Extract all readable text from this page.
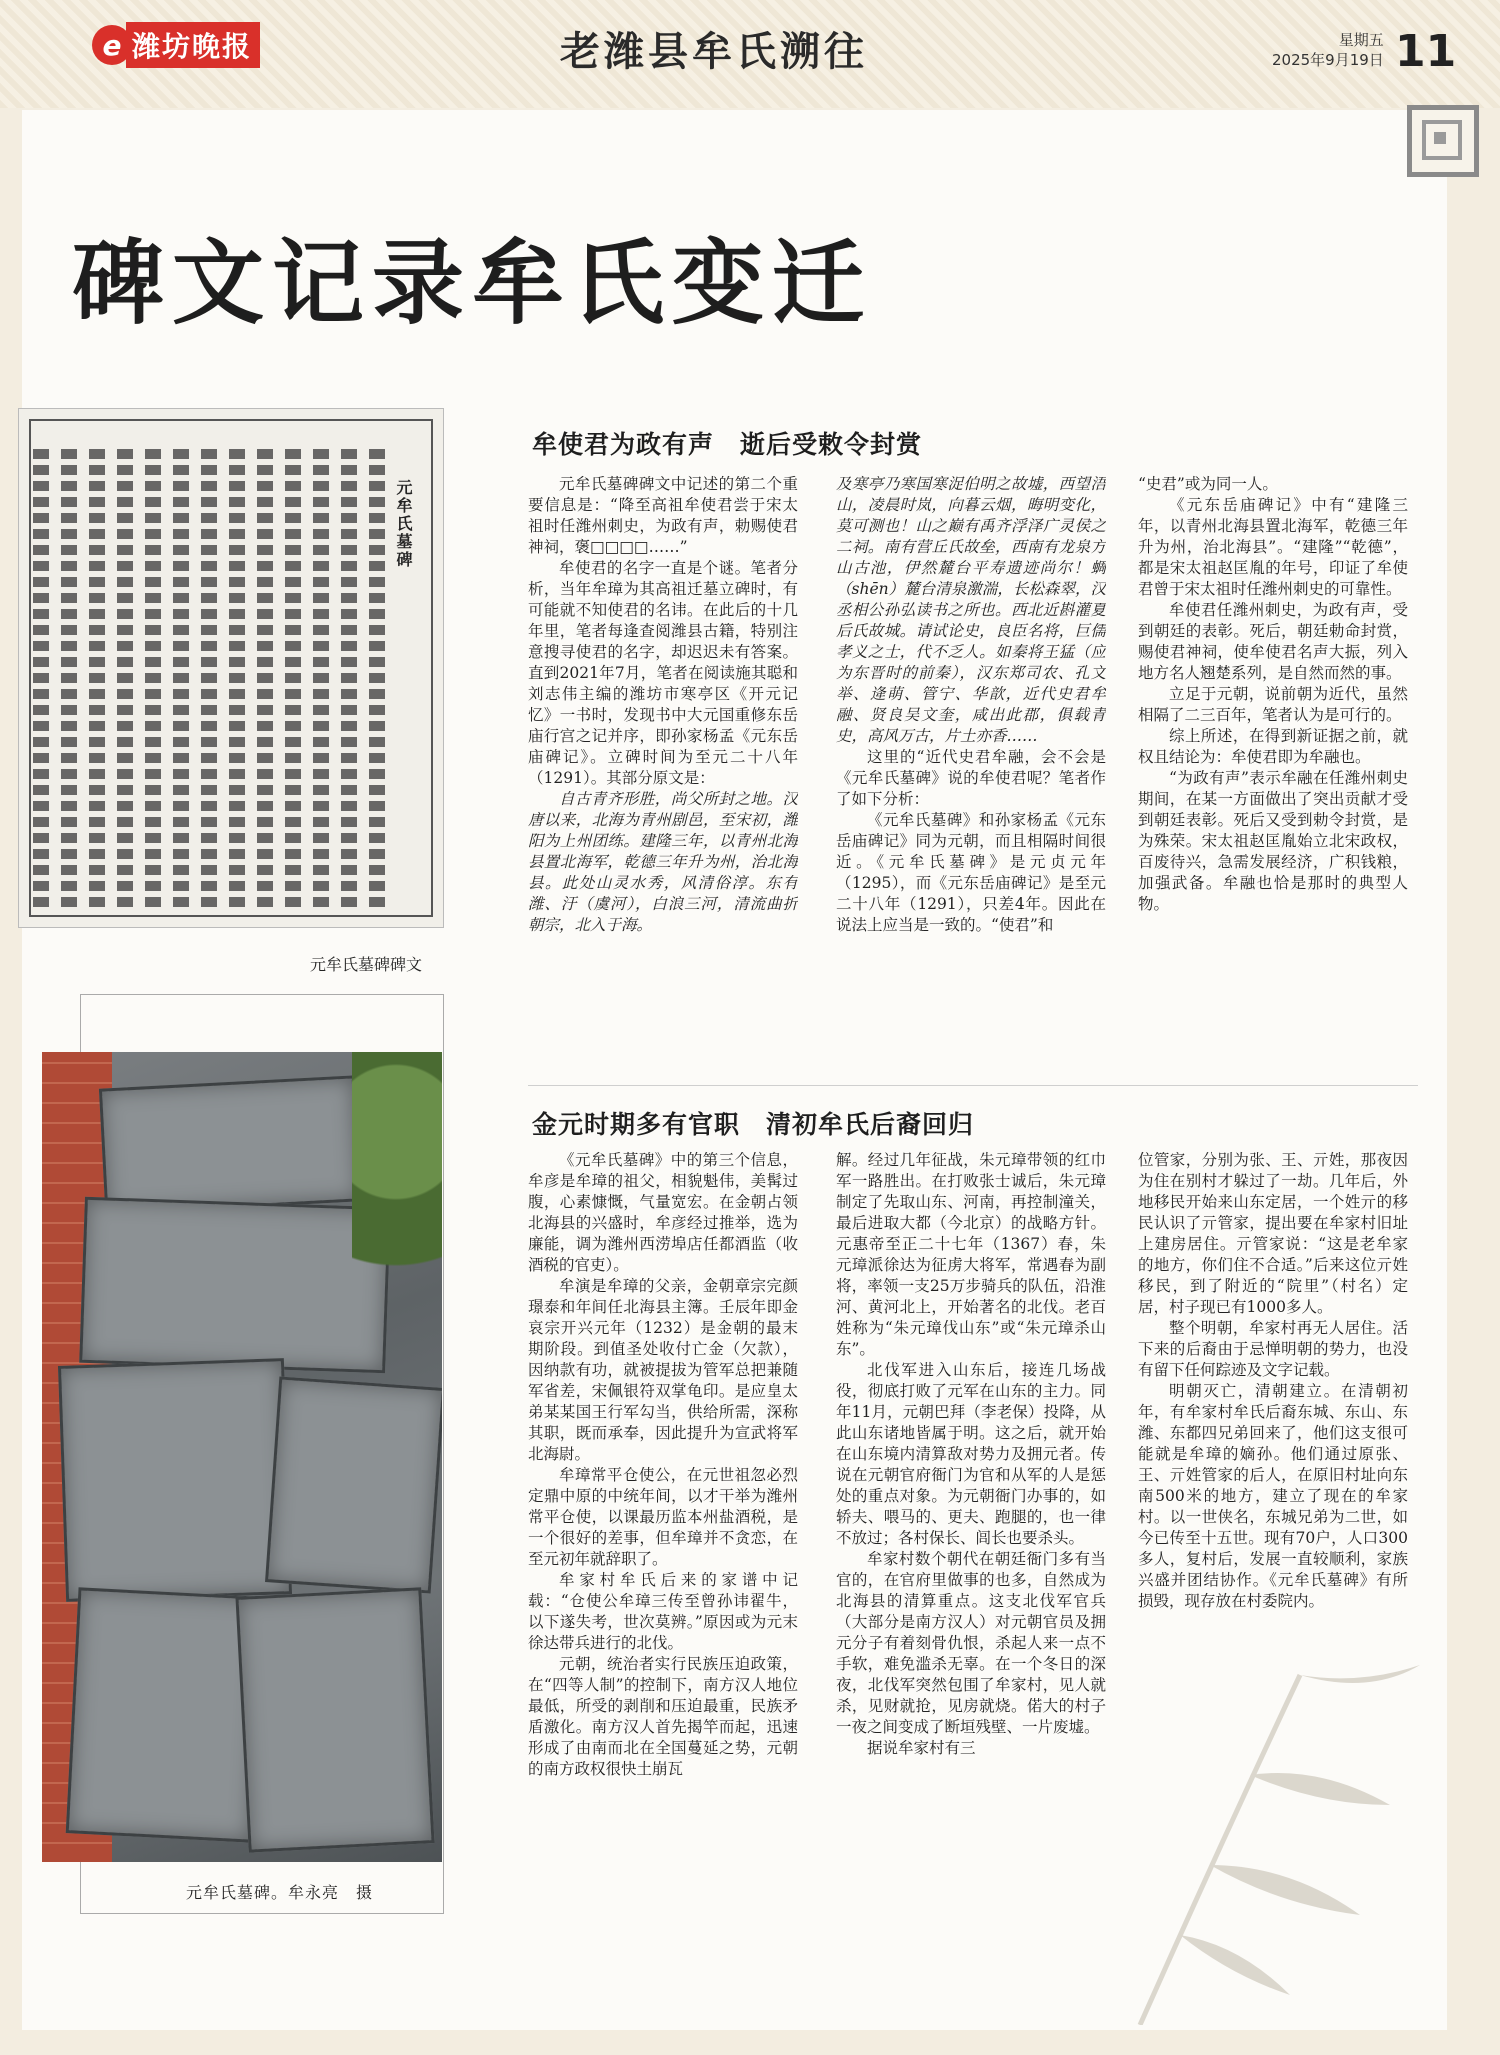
e 潍坊晚报	老潍县牟氏溯往	星期五
2025年9月19日 11
碑文记录牟氏变迁
元牟氏墓碑
元牟氏墓碑碑文
元牟氏墓碑。牟永亮　摄
牟使君为政有声　逝后受敕令封赏

元牟氏墓碑碑文中记述的第二个重要信息是：“降至高祖牟使君尝于宋太祖时任潍州刺史，为政有声，勅赐使君神祠，褒□□□□……”

牟使君的名字一直是个谜。笔者分析，当年牟璋为其高祖迁墓立碑时，有可能就不知使君的名讳。在此后的十几年里，笔者每逢查阅潍县古籍，特别注意搜寻使君的名字，却迟迟未有答案。直到2021年7月，笔者在阅读施其聪和刘志伟主编的潍坊市寒亭区《开元记忆》一书时，发现书中大元国重修东岳庙行宫之记并序，即孙家杨孟《元东岳庙碑记》。立碑时间为至元二十八年（1291）。其部分原文是：

自古青齐形胜，尚父所封之地。汉唐以来，北海为青州剧邑，至宋初，潍阳为上州团练。建隆三年，以青州北海县置北海军，乾德三年升为州，治北海县。此处山灵水秀，风清俗淳。东有潍、汙（虞河），白浪三河，清流曲折朝宗，北入于海。

及寒亭乃寒国寒浞伯明之故墟，西望浯山，凌晨时岚，向暮云烟，晦明变化，莫可测也！山之巅有禹齐浮泽广灵侯之二祠。南有营丘氏故垒，西南有龙泉方山古池，伊然麓台平寿遗迹尚尔！蜩（shēn）麓台清泉激湍，长松森翠，汉丞相公孙弘读书之所也。西北近斟灌夏后氏故城。请试论史，良臣名将，巨儒孝义之士，代不乏人。如秦将王猛（应为东晋时的前秦），汉东郑司农、孔文举、逄萌、管宁、华歆，近代史君牟融、贤良吴文奎，咸出此郡，俱载青史，高风万古，片土亦香……

这里的“近代史君牟融，会不会是《元牟氏墓碑》说的牟使君呢？笔者作了如下分析：

《元牟氏墓碑》和孙家杨孟《元东岳庙碑记》同为元朝，而且相隔时间很近。《元牟氏墓碑》是元贞元年（1295），而《元东岳庙碑记》是至元二十八年（1291），只差4年。因此在说法上应当是一致的。“使君”和

“史君”或为同一人。

《元东岳庙碑记》中有“建隆三年，以青州北海县置北海军，乾德三年升为州，治北海县”。“建隆”“乾德”，都是宋太祖赵匡胤的年号，印证了牟使君曾于宋太祖时任潍州刺史的可靠性。

牟使君任潍州刺史，为政有声，受到朝廷的表彰。死后，朝廷勅命封赏，赐使君神祠，使牟使君名声大振，列入地方名人翘楚系列，是自然而然的事。

立足于元朝，说前朝为近代，虽然相隔了二三百年，笔者认为是可行的。

综上所述，在得到新证据之前，就权且结论为：牟使君即为牟融也。

“为政有声”表示牟融在任潍州刺史期间，在某一方面做出了突出贡献才受到朝廷表彰。死后又受到勅令封赏，是为殊荣。宋太祖赵匡胤始立北宋政权，百废待兴，急需发展经济，广积钱粮，加强武备。牟融也恰是那时的典型人物。

金元时期多有官职　清初牟氏后裔回归

《元牟氏墓碑》中的第三个信息，牟彦是牟璋的祖父，相貌魁伟，美髯过腹，心素慷慨，气量宽宏。在金朝占领北海县的兴盛时，牟彦经过推举，选为廉能，调为潍州西涝埠店任都酒监（收酒税的官吏）。

牟演是牟璋的父亲，金朝章宗完颜璟泰和年间任北海县主簿。壬辰年即金哀宗开兴元年（1232）是金朝的最末期阶段。到值圣处收付亡金（欠款），因纳款有功，就被提拔为管军总把兼随军省差，宋佩银符双掌龟印。是应皇太弟某某国王行军勾当，供给所需，深称其职，既而承奉，因此提升为宣武将军北海尉。

牟璋常平仓使公，在元世祖忽必烈定鼎中原的中统年间，以才干举为潍州常平仓使，以课最历监本州盐酒税，是一个很好的差事，但牟璋并不贪恋，在至元初年就辞职了。

牟家村牟氏后来的家谱中记载：“仓使公牟璋三传至曾孙讳翟牛，以下遂失考，世次莫辨。”原因或为元末徐达带兵进行的北伐。

元朝，统治者实行民族压迫政策，在“四等人制”的控制下，南方汉人地位最低，所受的剥削和压迫最重，民族矛盾激化。南方汉人首先揭竿而起，迅速形成了由南而北在全国蔓延之势，元朝的南方政权很快土崩瓦

解。经过几年征战，朱元璋带领的红巾军一路胜出。在打败张士诚后，朱元璋制定了先取山东、河南，再控制潼关，最后进取大都（今北京）的战略方针。元惠帝至正二十七年（1367）春，朱元璋派徐达为征虏大将军，常遇春为副将，率领一支25万步骑兵的队伍，沿淮河、黄河北上，开始著名的北伐。老百姓称为“朱元璋伐山东”或“朱元璋杀山东”。

北伐军进入山东后，接连几场战役，彻底打败了元军在山东的主力。同年11月，元朝巴拜（李老保）投降，从此山东诸地皆属于明。这之后，就开始在山东境内清算敌对势力及拥元者。传说在元朝官府衙门为官和从军的人是惩处的重点对象。为元朝衙门办事的，如轿夫、喂马的、更夫、跑腿的，也一律不放过；各村保长、闾长也要杀头。

牟家村数个朝代在朝廷衙门多有当官的，在官府里做事的也多，自然成为北海县的清算重点。这支北伐军官兵（大部分是南方汉人）对元朝官员及拥元分子有着刻骨仇恨，杀起人来一点不手软，难免滥杀无辜。在一个冬日的深夜，北伐军突然包围了牟家村，见人就杀，见财就抢，见房就烧。偌大的村子一夜之间变成了断垣残壁、一片废墟。

据说牟家村有三

位管家，分别为张、王、亓姓，那夜因为住在别村才躲过了一劫。几年后，外地移民开始来山东定居，一个姓亓的移民认识了亓管家，提出要在牟家村旧址上建房居住。亓管家说：“这是老牟家的地方，你们住不合适。”后来这位亓姓移民，到了附近的“院里”（村名）定居，村子现已有1000多人。

整个明朝，牟家村再无人居住。活下来的后裔由于忌惮明朝的势力，也没有留下任何踪迹及文字记载。

明朝灭亡，清朝建立。在清朝初年，有牟家村牟氏后裔东城、东山、东潍、东都四兄弟回来了，他们这支很可能就是牟璋的嫡孙。他们通过原张、王、亓姓管家的后人，在原旧村址向东南500米的地方，建立了现在的牟家村。以一世侠名，东城兄弟为二世，如今已传至十五世。现有70户，人口300多人，复村后，发展一直较顺利，家族兴盛并团结协作。《元牟氏墓碑》有所损毁，现存放在村委院内。
